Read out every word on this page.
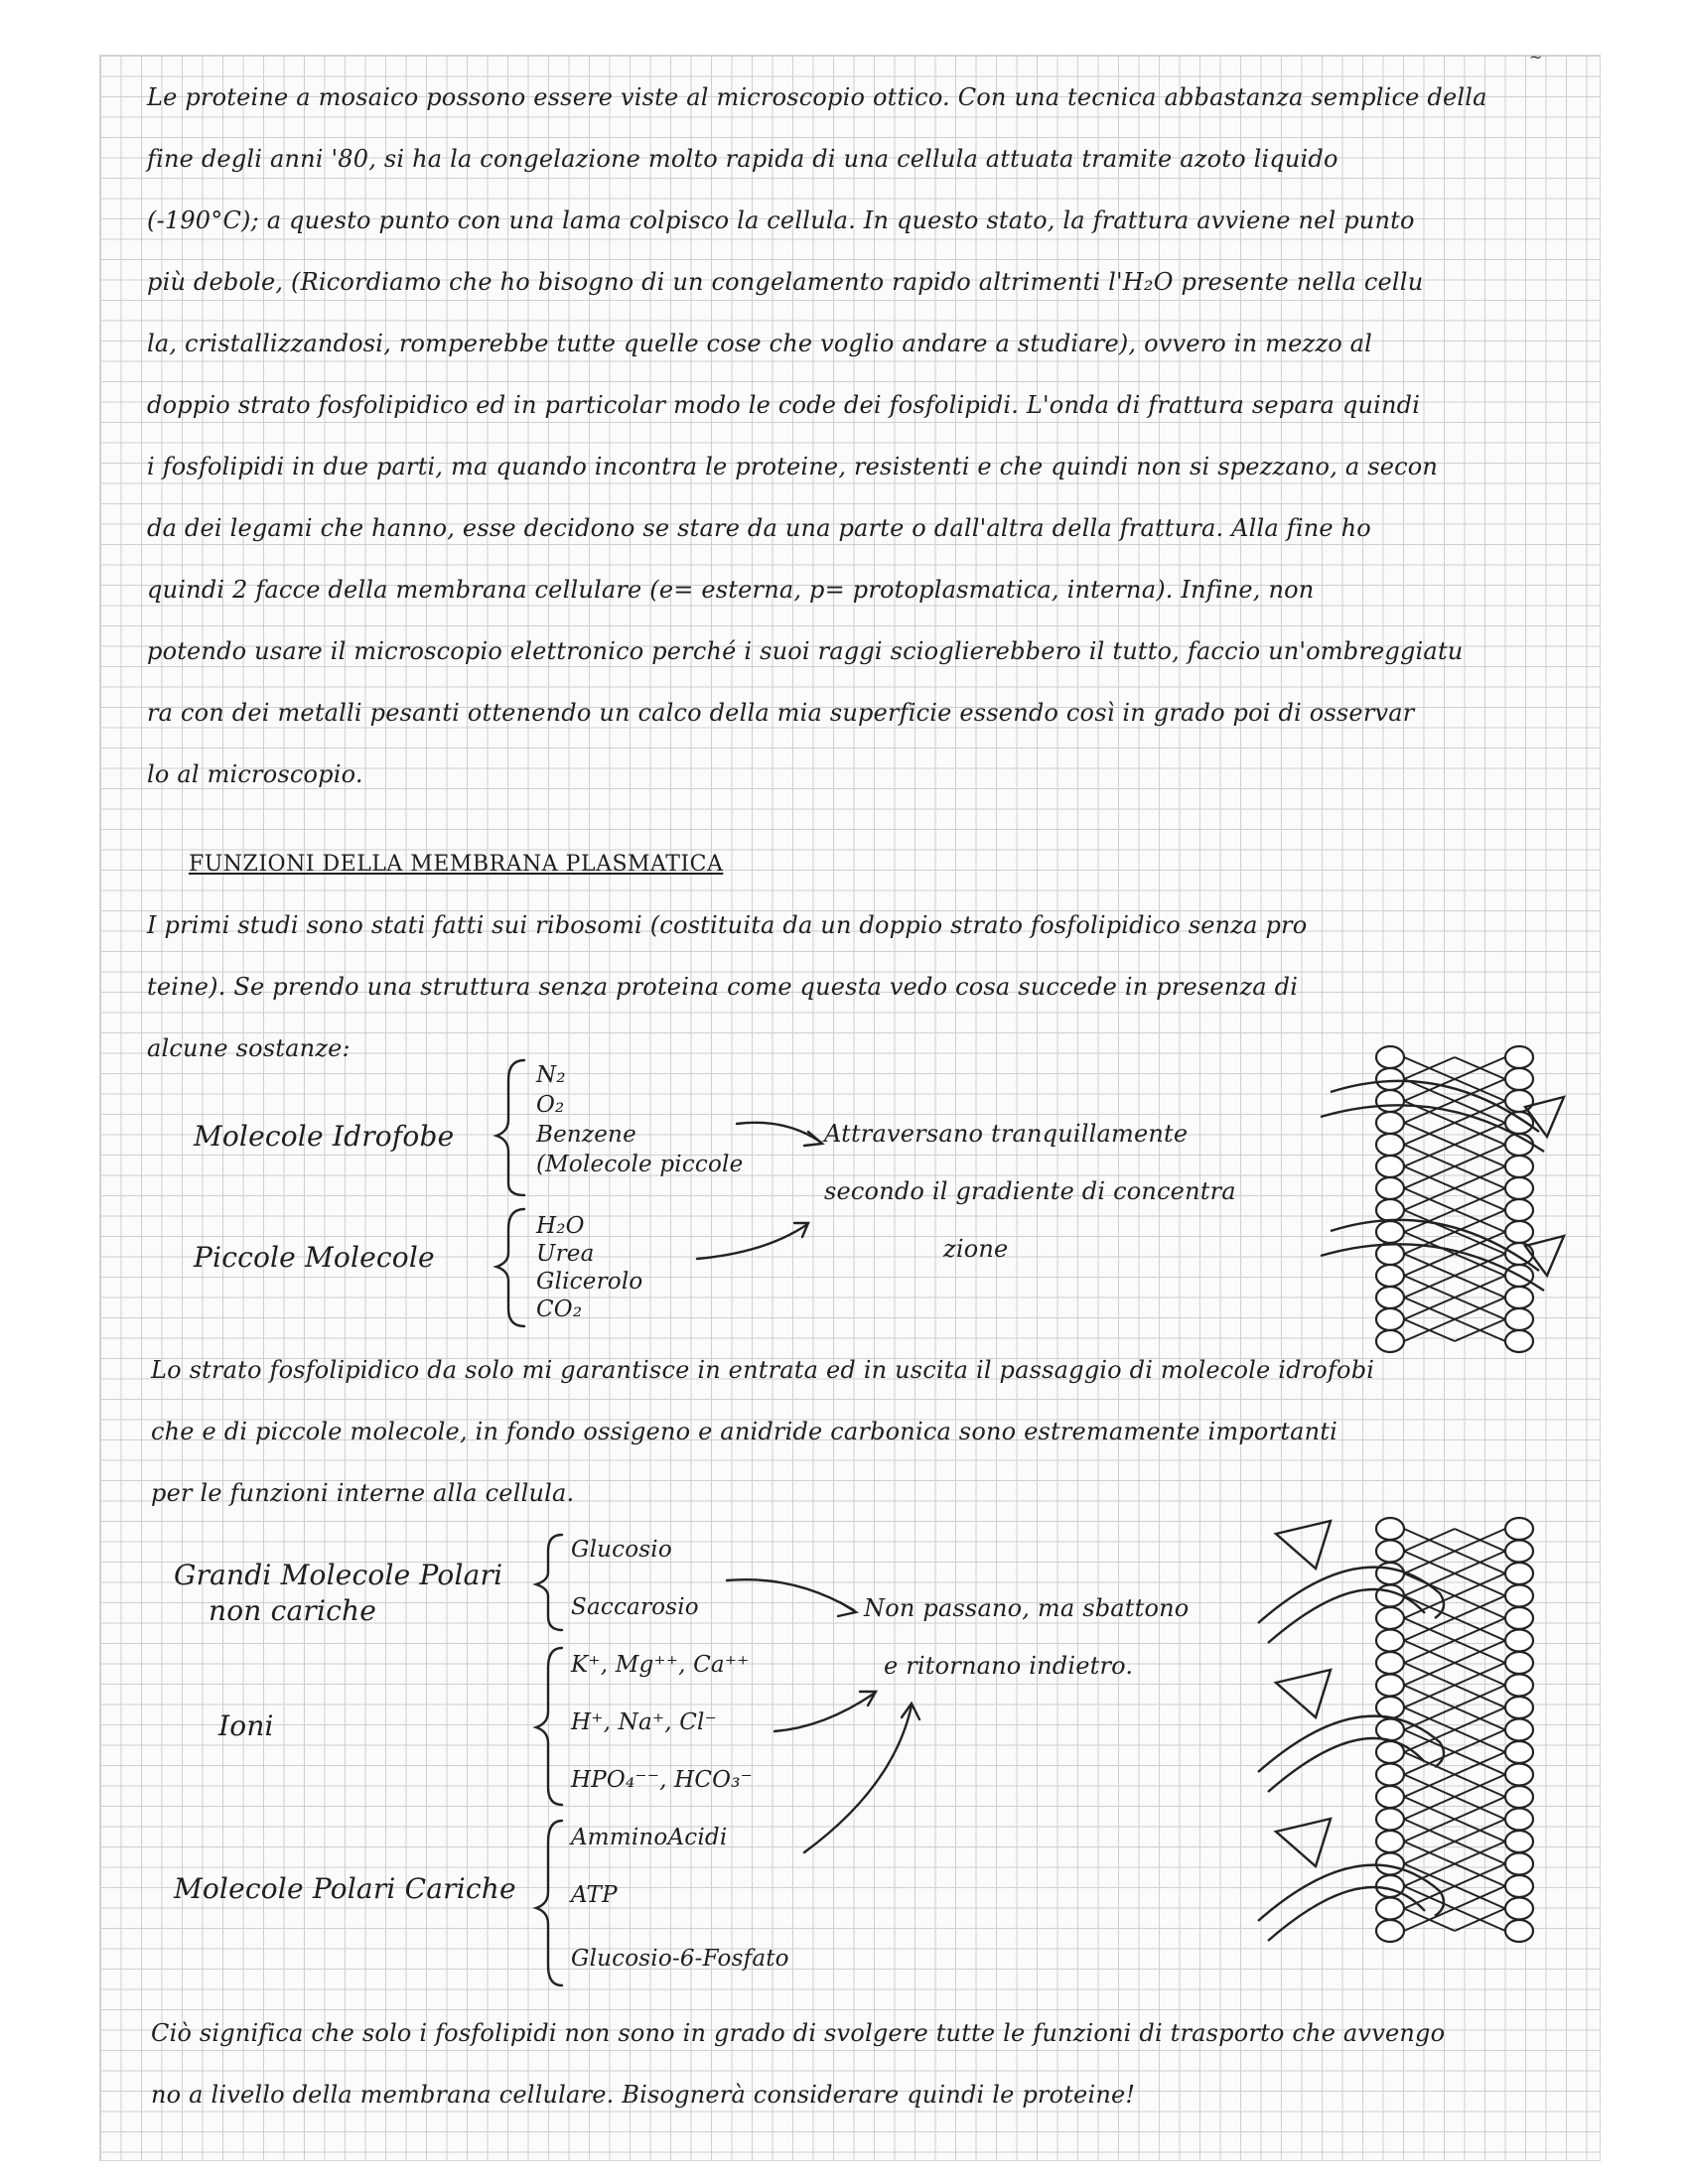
~
Le proteine a mosaico possono essere viste al microscopio ottico. Con una tecnica abbastanza semplice della
fine degli anni '80, si ha la congelazione molto rapida di una cellula attuata tramite azoto liquido
(-190°C); a questo punto con una lama colpisco la cellula. In questo stato, la frattura avviene nel punto
più debole, (Ricordiamo che ho bisogno di un congelamento rapido altrimenti l'H₂O presente nella cellu
la, cristallizzandosi, romperebbe tutte quelle cose che voglio andare a studiare), ovvero in mezzo al
doppio strato fosfolipidico ed in particolar modo le code dei fosfolipidi. L'onda di frattura separa quindi
i fosfolipidi in due parti, ma quando incontra le proteine, resistenti e che quindi non si spezzano, a secon
da dei legami che hanno, esse decidono se stare da una parte o dall'altra della frattura. Alla fine ho
quindi 2 facce della membrana cellulare (e= esterna, p= protoplasmatica, interna). Infine, non
potendo usare il microscopio elettronico perché i suoi raggi scioglierebbero il tutto, faccio un'ombreggiatu
ra con dei metalli pesanti ottenendo un calco della mia superficie essendo così in grado poi di osservar
lo al microscopio.
FUNZIONI DELLA MEMBRANA PLASMATICA
I primi studi sono stati fatti sui ribosomi (costituita da un doppio strato fosfolipidico senza pro
teine). Se prendo una struttura senza proteina come questa vedo cosa succede in presenza di
alcune sostanze:
Molecole Idrofobe
N₂
O₂
Benzene
(Molecole piccole
Piccole Molecole
H₂O
Urea
Glicerolo
CO₂
Attraversano tranquillamente
secondo il gradiente di concentra
zione
Lo strato fosfolipidico da solo mi garantisce in entrata ed in uscita il passaggio di molecole idrofobi
che e di piccole molecole, in fondo ossigeno e anidride carbonica sono estremamente importanti
per le funzioni interne alla cellula.
Grandi Molecole Polari
non cariche
Glucosio
Saccarosio	Non passano, ma sbattono
e ritornano indietro.
Ioni
K⁺, Mg⁺⁺, Ca⁺⁺
H⁺, Na⁺, Cl⁻
HPO₄⁻⁻, HCO₃⁻
Molecole Polari Cariche
AmminoAcidi
ATP
Glucosio-6-Fosfato
Ciò significa che solo i fosfolipidi non sono in grado di svolgere tutte le funzioni di trasporto che avvengo
no a livello della membrana cellulare. Bisognerà considerare quindi le proteine!
